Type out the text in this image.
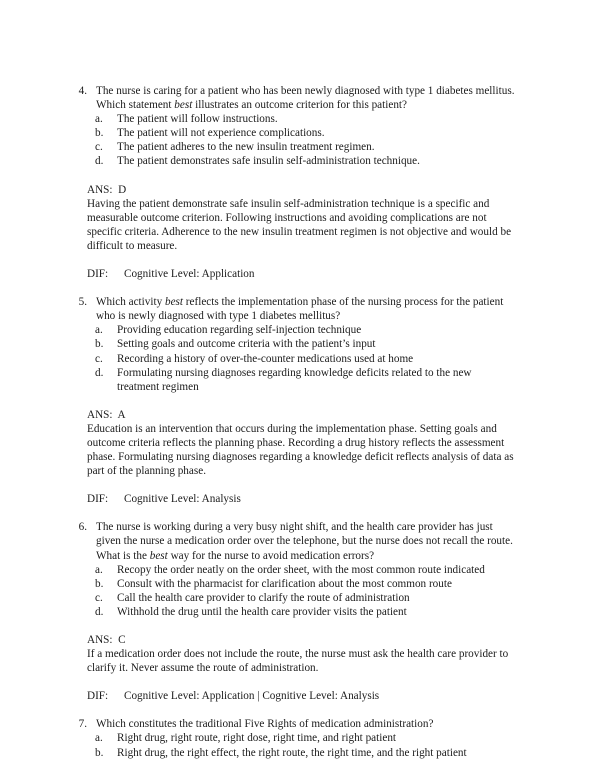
4. The nurse is caring for a patient who has been newly diagnosed with type 1 diabetes mellitus. Which statement best illustrates an outcome criterion for this patient?
a.	The patient will follow instructions.
b.	The patient will not experience complications.
c.	The patient adheres to the new insulin treatment regimen.
d.	The patient demonstrates safe insulin self-administration technique.
ANS: D
Having the patient demonstrate safe insulin self-administration technique is a specific and measurable outcome criterion. Following instructions and avoiding complications are not specific criteria. Adherence to the new insulin treatment regimen is not objective and would be difficult to measure.
DIF:	Cognitive Level: Application
5. Which activity best reflects the implementation phase of the nursing process for the patient who is newly diagnosed with type 1 diabetes mellitus?
a.	Providing education regarding self-injection technique
b.	Setting goals and outcome criteria with the patient’s input
c.	Recording a history of over-the-counter medications used at home
d.	Formulating nursing diagnoses regarding knowledge deficits related to the new treatment regimen
ANS: A
Education is an intervention that occurs during the implementation phase. Setting goals and outcome criteria reflects the planning phase. Recording a drug history reflects the assessment phase. Formulating nursing diagnoses regarding a knowledge deficit reflects analysis of data as part of the planning phase.
DIF:	Cognitive Level: Analysis
6. The nurse is working during a very busy night shift, and the health care provider has just given the nurse a medication order over the telephone, but the nurse does not recall the route. What is the best way for the nurse to avoid medication errors?
a.	Recopy the order neatly on the order sheet, with the most common route indicated
b.	Consult with the pharmacist for clarification about the most common route
c.	Call the health care provider to clarify the route of administration
d.	Withhold the drug until the health care provider visits the patient
ANS: C
If a medication order does not include the route, the nurse must ask the health care provider to clarify it. Never assume the route of administration.
DIF:	Cognitive Level: Application | Cognitive Level: Analysis
7. Which constitutes the traditional Five Rights of medication administration?
a.	Right drug, right route, right dose, right time, and right patient
b.	Right drug, the right effect, the right route, the right time, and the right patient
